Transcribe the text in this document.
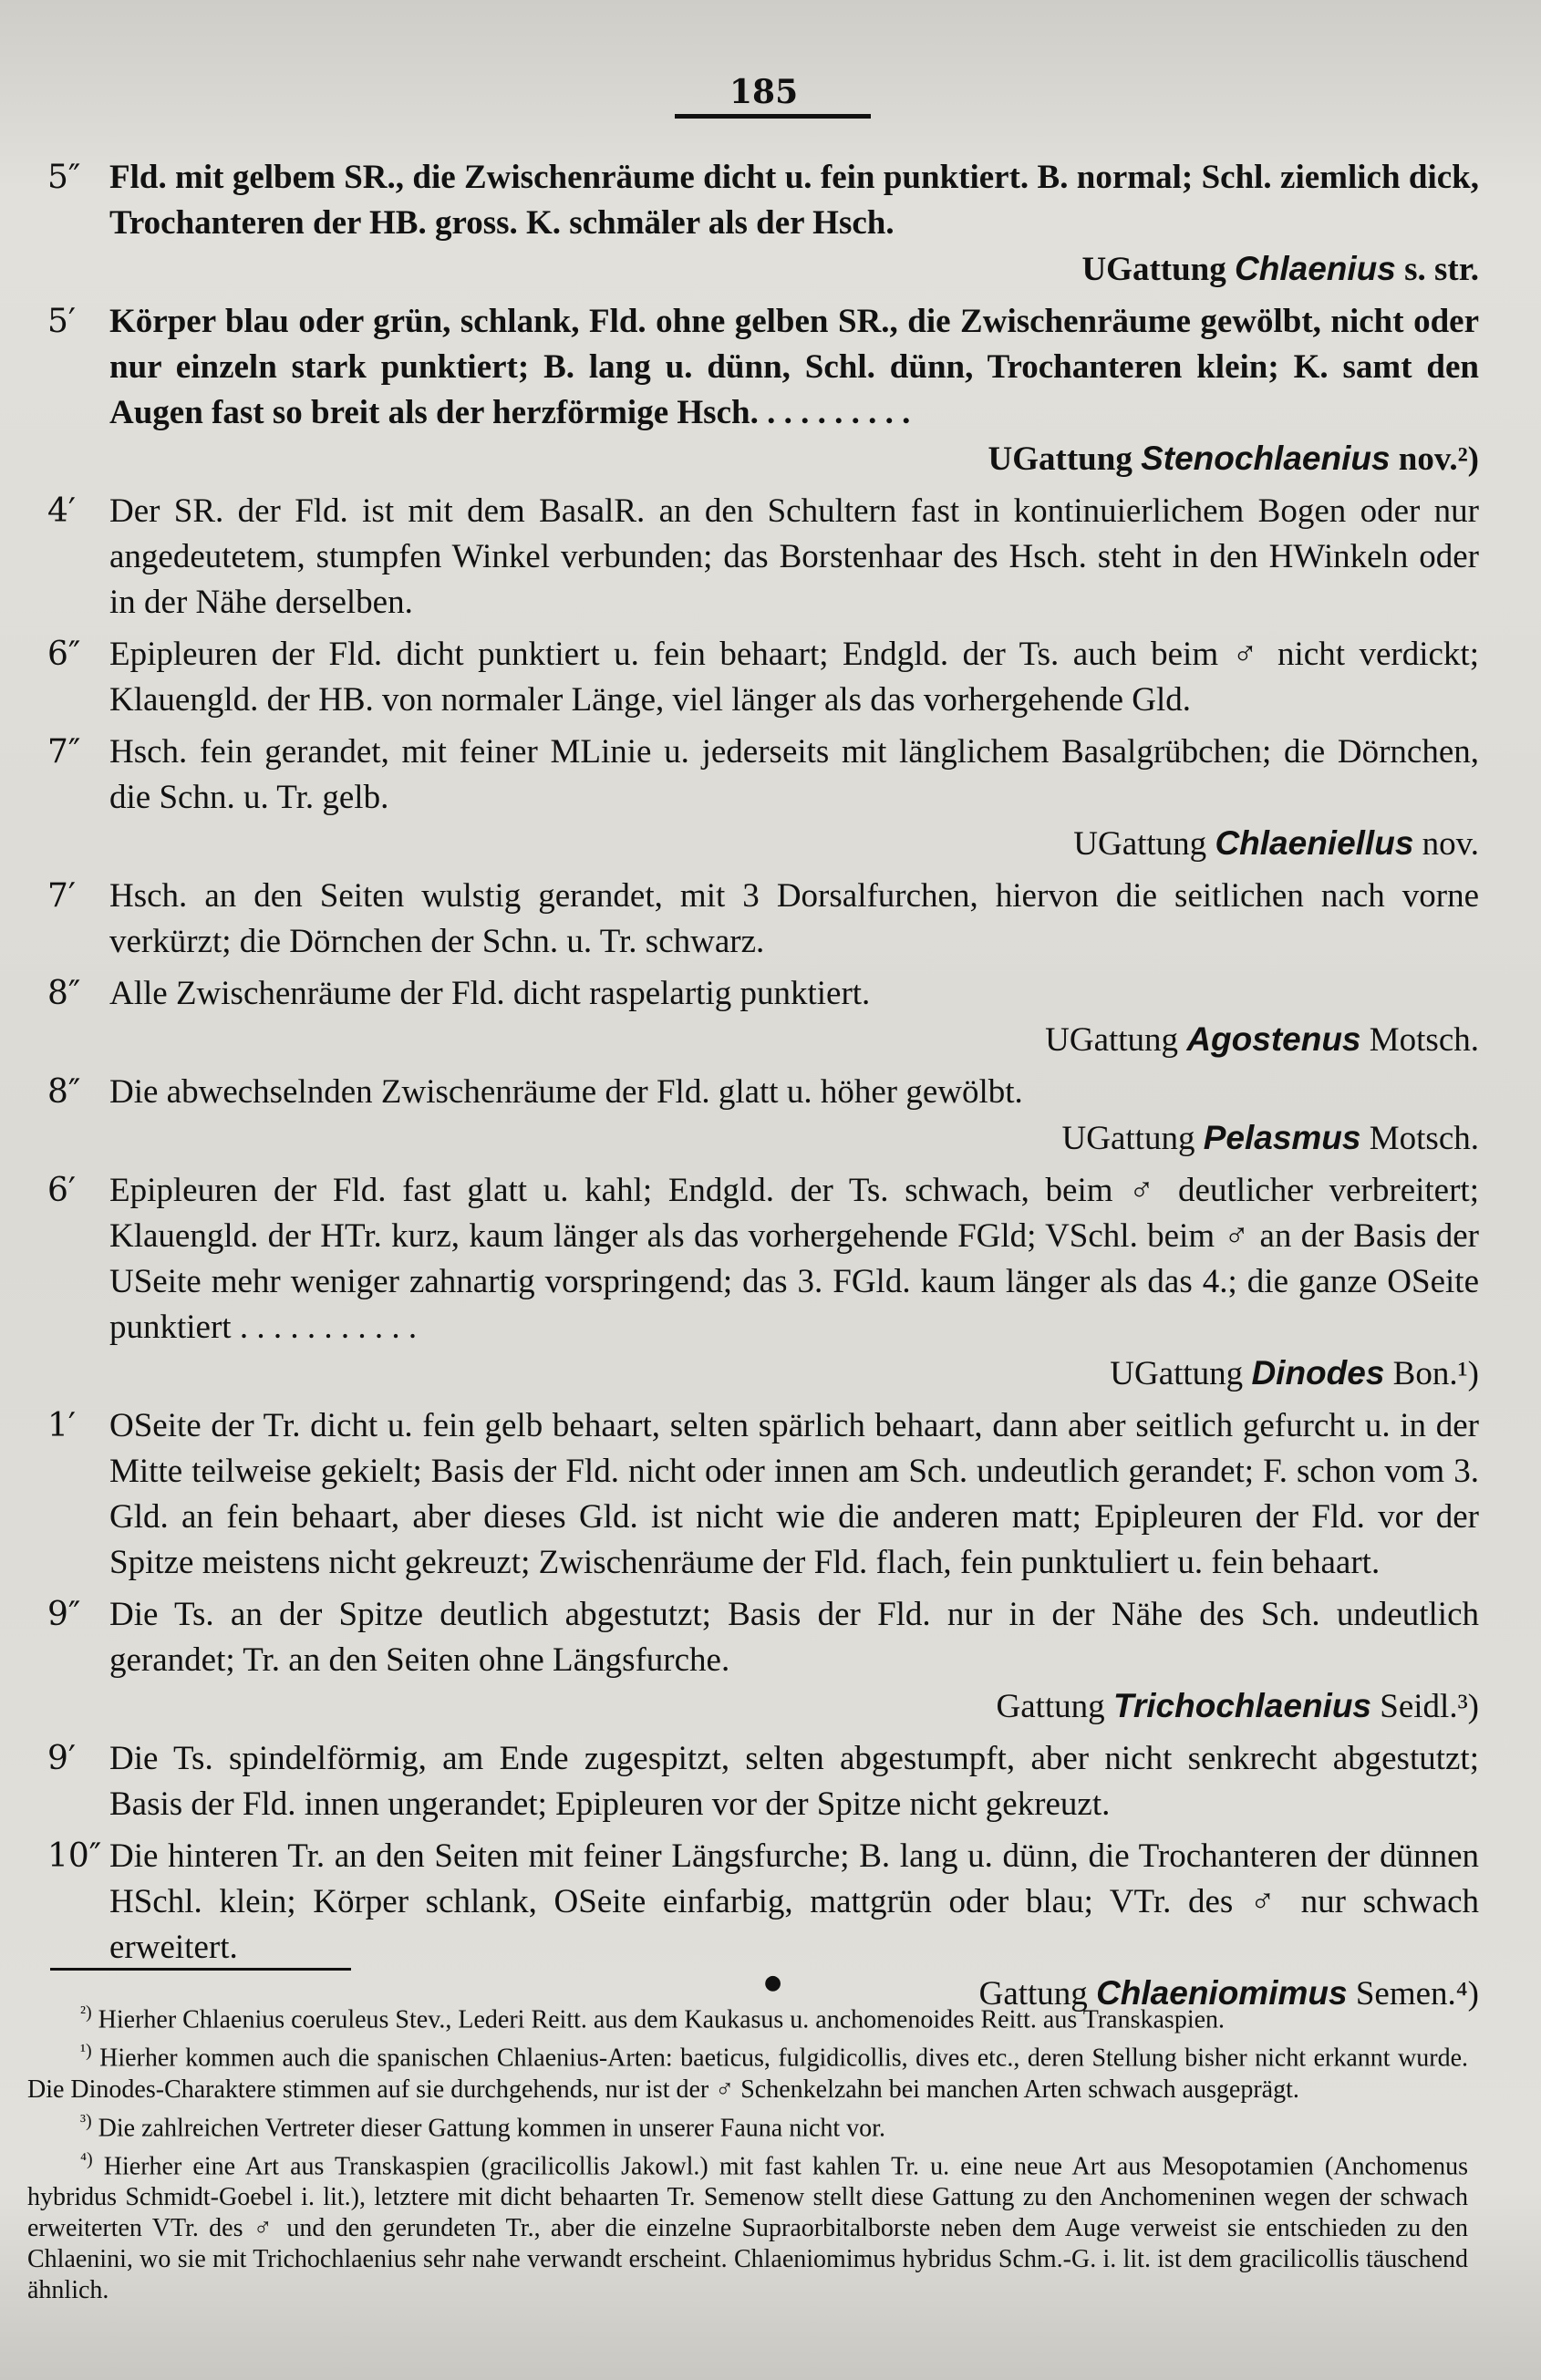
185
5″ Fld. mit gelbem SR., die Zwischenräume dicht u. fein punktiert. B. normal; Schl. ziemlich dick, Trochanteren der HB. gross. K. schmäler als der Hsch.
UGattung Chlaenius s. str.
5′ Körper blau oder grün, schlank, Fld. ohne gelben SR., die Zwischenräume gewölbt, nicht oder nur einzeln stark punktiert; B. lang u. dünn, Schl. dünn, Trochanteren klein; K. samt den Augen fast so breit als der herzförmige Hsch. . . . . . . . . .
UGattung Stenochlaenius nov.²)
4′ Der SR. der Fld. ist mit dem BasalR. an den Schultern fast in kontinuierlichem Bogen oder nur angedeutetem, stumpfen Winkel verbunden; das Borstenhaar des Hsch. steht in den HWinkeln oder in der Nähe derselben.
6″ Epipleuren der Fld. dicht punktiert u. fein behaart; Endgld. der Ts. auch beim ♂ nicht verdickt; Klauengld. der HB. von normaler Länge, viel länger als das vorhergehende Gld.
7″ Hsch. fein gerandet, mit feiner MLinie u. jederseits mit länglichem Basalgrübchen; die Dörnchen, die Schn. u. Tr. gelb.
UGattung Chlaeniellus nov.
7′ Hsch. an den Seiten wulstig gerandet, mit 3 Dorsalfurchen, hiervon die seitlichen nach vorne verkürzt; die Dörnchen der Schn. u. Tr. schwarz.
8″ Alle Zwischenräume der Fld. dicht raspelartig punktiert.
UGattung Agostenus Motsch.
8″ Die abwechselnden Zwischenräume der Fld. glatt u. höher gewölbt.
UGattung Pelasmus Motsch.
6′ Epipleuren der Fld. fast glatt u. kahl; Endgld. der Ts. schwach, beim ♂ deutlicher verbreitert; Klauengld. der HTr. kurz, kaum länger als das vorhergehende FGld; VSchl. beim ♂ an der Basis der USeite mehr weniger zahnartig vorspringend; das 3. FGld. kaum länger als das 4.; die ganze OSeite punktiert . . . . . . . . . . .
UGattung Dinodes Bon.¹)
1′ OSeite der Tr. dicht u. fein gelb behaart, selten spärlich behaart, dann aber seitlich gefurcht u. in der Mitte teilweise gekielt; Basis der Fld. nicht oder innen am Sch. undeutlich gerandet; F. schon vom 3. Gld. an fein behaart, aber dieses Gld. ist nicht wie die anderen matt; Epipleuren der Fld. vor der Spitze meistens nicht gekreuzt; Zwischenräume der Fld. flach, fein punktuliert u. fein behaart.
9″ Die Ts. an der Spitze deutlich abgestutzt; Basis der Fld. nur in der Nähe des Sch. undeutlich gerandet; Tr. an den Seiten ohne Längsfurche.
Gattung Trichochlaenius Seidl.³)
9′ Die Ts. spindelförmig, am Ende zugespitzt, selten abgestumpft, aber nicht senkrecht abgestutzt; Basis der Fld. innen ungerandet; Epipleuren vor der Spitze nicht gekreuzt.
10″ Die hinteren Tr. an den Seiten mit feiner Längsfurche; B. lang u. dünn, die Trochanteren der dünnen HSchl. klein; Körper schlank, OSeite einfarbig, mattgrün oder blau; VTr. des ♂ nur schwach erweitert.
Gattung Chlaeniomimus Semen.⁴)
●

$^{^2)}$ Hierher Chlaenius coeruleus Stev., Lederi Reitt. aus dem Kaukasus u. anchomenoides Reitt. aus Transkaspien.

$^{^1)}$ Hierher kommen auch die spanischen Chlaenius-Arten: baeticus, fulgidicollis, dives etc., deren Stellung bisher nicht erkannt wurde. Die Dinodes-Charaktere stimmen auf sie durchgehends, nur ist der ♂ Schenkelzahn bei manchen Arten schwach ausgeprägt.

$^{^3)}$ Die zahlreichen Vertreter dieser Gattung kommen in unserer Fauna nicht vor.

$^{^4)}$ Hierher eine Art aus Transkaspien (gracilicollis Jakowl.) mit fast kahlen Tr. u. eine neue Art aus Mesopotamien (Anchomenus hybridus Schmidt-Goebel i. lit.), letztere mit dicht behaarten Tr. Semenow stellt diese Gattung zu den Anchomeninen wegen der schwach erweiterten VTr. des ♂ und den gerundeten Tr., aber die einzelne Supraorbitalborste neben dem Auge verweist sie entschieden zu den Chlaenini, wo sie mit Trichochlaenius sehr nahe verwandt erscheint. Chlaeniomimus hybridus Schm.-G. i. lit. ist dem gracilicollis täuschend ähnlich.
